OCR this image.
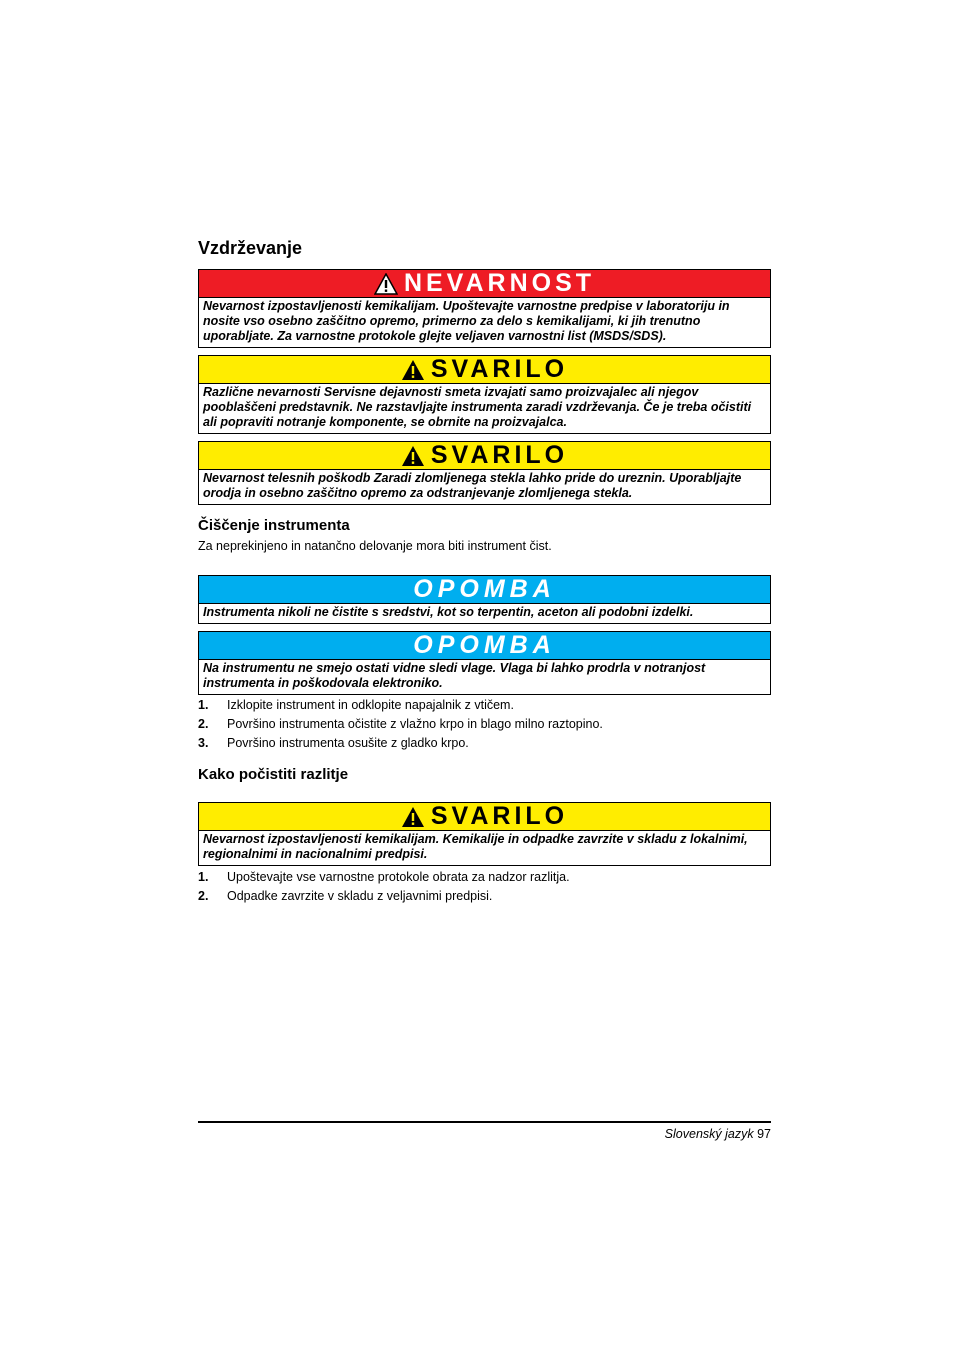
Vzdrževanje
NEVARNOST
Nevarnost izpostavljenosti kemikalijam. Upoštevajte varnostne predpise v laboratoriju in nosite vso osebno zaščitno opremo, primerno za delo s kemikalijami, ki jih trenutno uporabljate. Za varnostne protokole glejte veljaven varnostni list (MSDS/SDS).
SVARILO
Različne nevarnosti Servisne dejavnosti smeta izvajati samo proizvajalec ali njegov pooblaščeni predstavnik. Ne razstavljajte instrumenta zaradi vzdrževanja. Če je treba očistiti ali popraviti notranje komponente, se obrnite na proizvajalca.
SVARILO
Nevarnost telesnih poškodb Zaradi zlomljenega stekla lahko pride do ureznin. Uporabljajte orodja in osebno zaščitno opremo za odstranjevanje zlomljenega stekla.
Čiščenje instrumenta

Za neprekinjeno in natančno delovanje mora biti instrument čist.

OPOMBA
Instrumenta nikoli ne čistite s sredstvi, kot so terpentin, aceton ali podobni izdelki.
OPOMBA
Na instrumentu ne smejo ostati vidne sledi vlage. Vlaga bi lahko prodrla v notranjost instrumenta in poškodovala elektroniko.
1. Izklopite instrument in odklopite napajalnik z vtičem.
2. Površino instrumenta očistite z vlažno krpo in blago milno raztopino.
3. Površino instrumenta osušite z gladko krpo.
Kako počistiti razlitje
SVARILO
Nevarnost izpostavljenosti kemikalijam. Kemikalije in odpadke zavrzite v skladu z lokalnimi, regionalnimi in nacionalnimi predpisi.
1. Upoštevajte vse varnostne protokole obrata za nadzor razlitja.
2. Odpadke zavrzite v skladu z veljavnimi predpisi.
Slovenský jazyk 97
